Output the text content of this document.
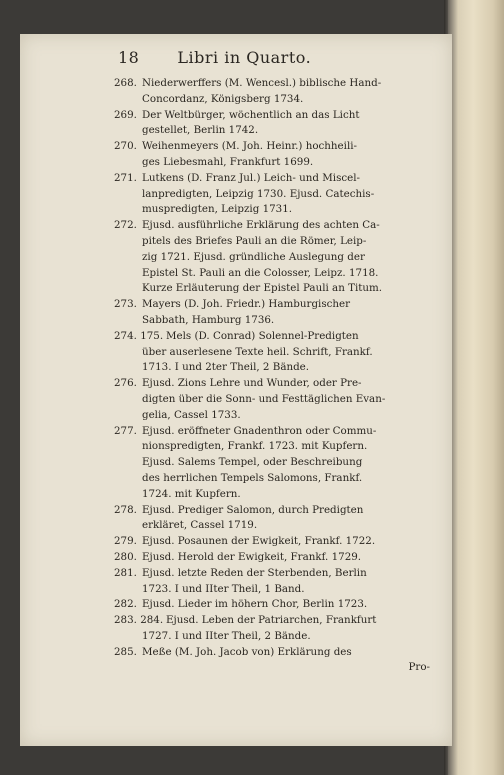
18 Libri in Quarto.
268. Niederwerffers (M. Wencesl.) biblische Hand-
Concordanz, Königsberg 1734.
269. Der Weltbürger, wöchentlich an das Licht
gestellet, Berlin 1742.
270. Weihenmeyers (M. Joh. Heinr.) hochheili-
ges Liebesmahl, Frankfurt 1699.
271. Lutkens (D. Franz Jul.) Leich- und Miscel-
lanpredigten, Leipzig 1730. Ejusd. Catechis-
muspredigten, Leipzig 1731.
272. Ejusd. ausführliche Erklärung des achten Ca-
pitels des Briefes Pauli an die Römer, Leip-
zig 1721. Ejusd. gründliche Auslegung der
Epistel St. Pauli an die Colosser, Leipz. 1718.
Kurze Erläuterung der Epistel Pauli an Titum.
273. Mayers (D. Joh. Friedr.) Hamburgischer
Sabbath, Hamburg 1736.
274. 175. Mels (D. Conrad) Solennel-Predigten
über auserlesene Texte heil. Schrift, Frankf.
1713. I und 2ter Theil, 2 Bände.
276. Ejusd. Zions Lehre und Wunder, oder Pre-
digten über die Sonn- und Festtäglichen Evan-
gelia, Cassel 1733.
277. Ejusd. eröffneter Gnadenthron oder Commu-
nionspredigten, Frankf. 1723. mit Kupfern.
Ejusd. Salems Tempel, oder Beschreibung
des herrlichen Tempels Salomons, Frankf.
1724. mit Kupfern.
278. Ejusd. Prediger Salomon, durch Predigten
erkläret, Cassel 1719.
279. Ejusd. Posaunen der Ewigkeit, Frankf. 1722.
280. Ejusd. Herold der Ewigkeit, Frankf. 1729.
281. Ejusd. letzte Reden der Sterbenden, Berlin
1723. I und IIter Theil, 1 Band.
282. Ejusd. Lieder im höhern Chor, Berlin 1723.
283. 284. Ejusd. Leben der Patriarchen, Frankfurt
1727. I und IIter Theil, 2 Bände.
285. Meße (M. Joh. Jacob von) Erklärung des
Pro-
